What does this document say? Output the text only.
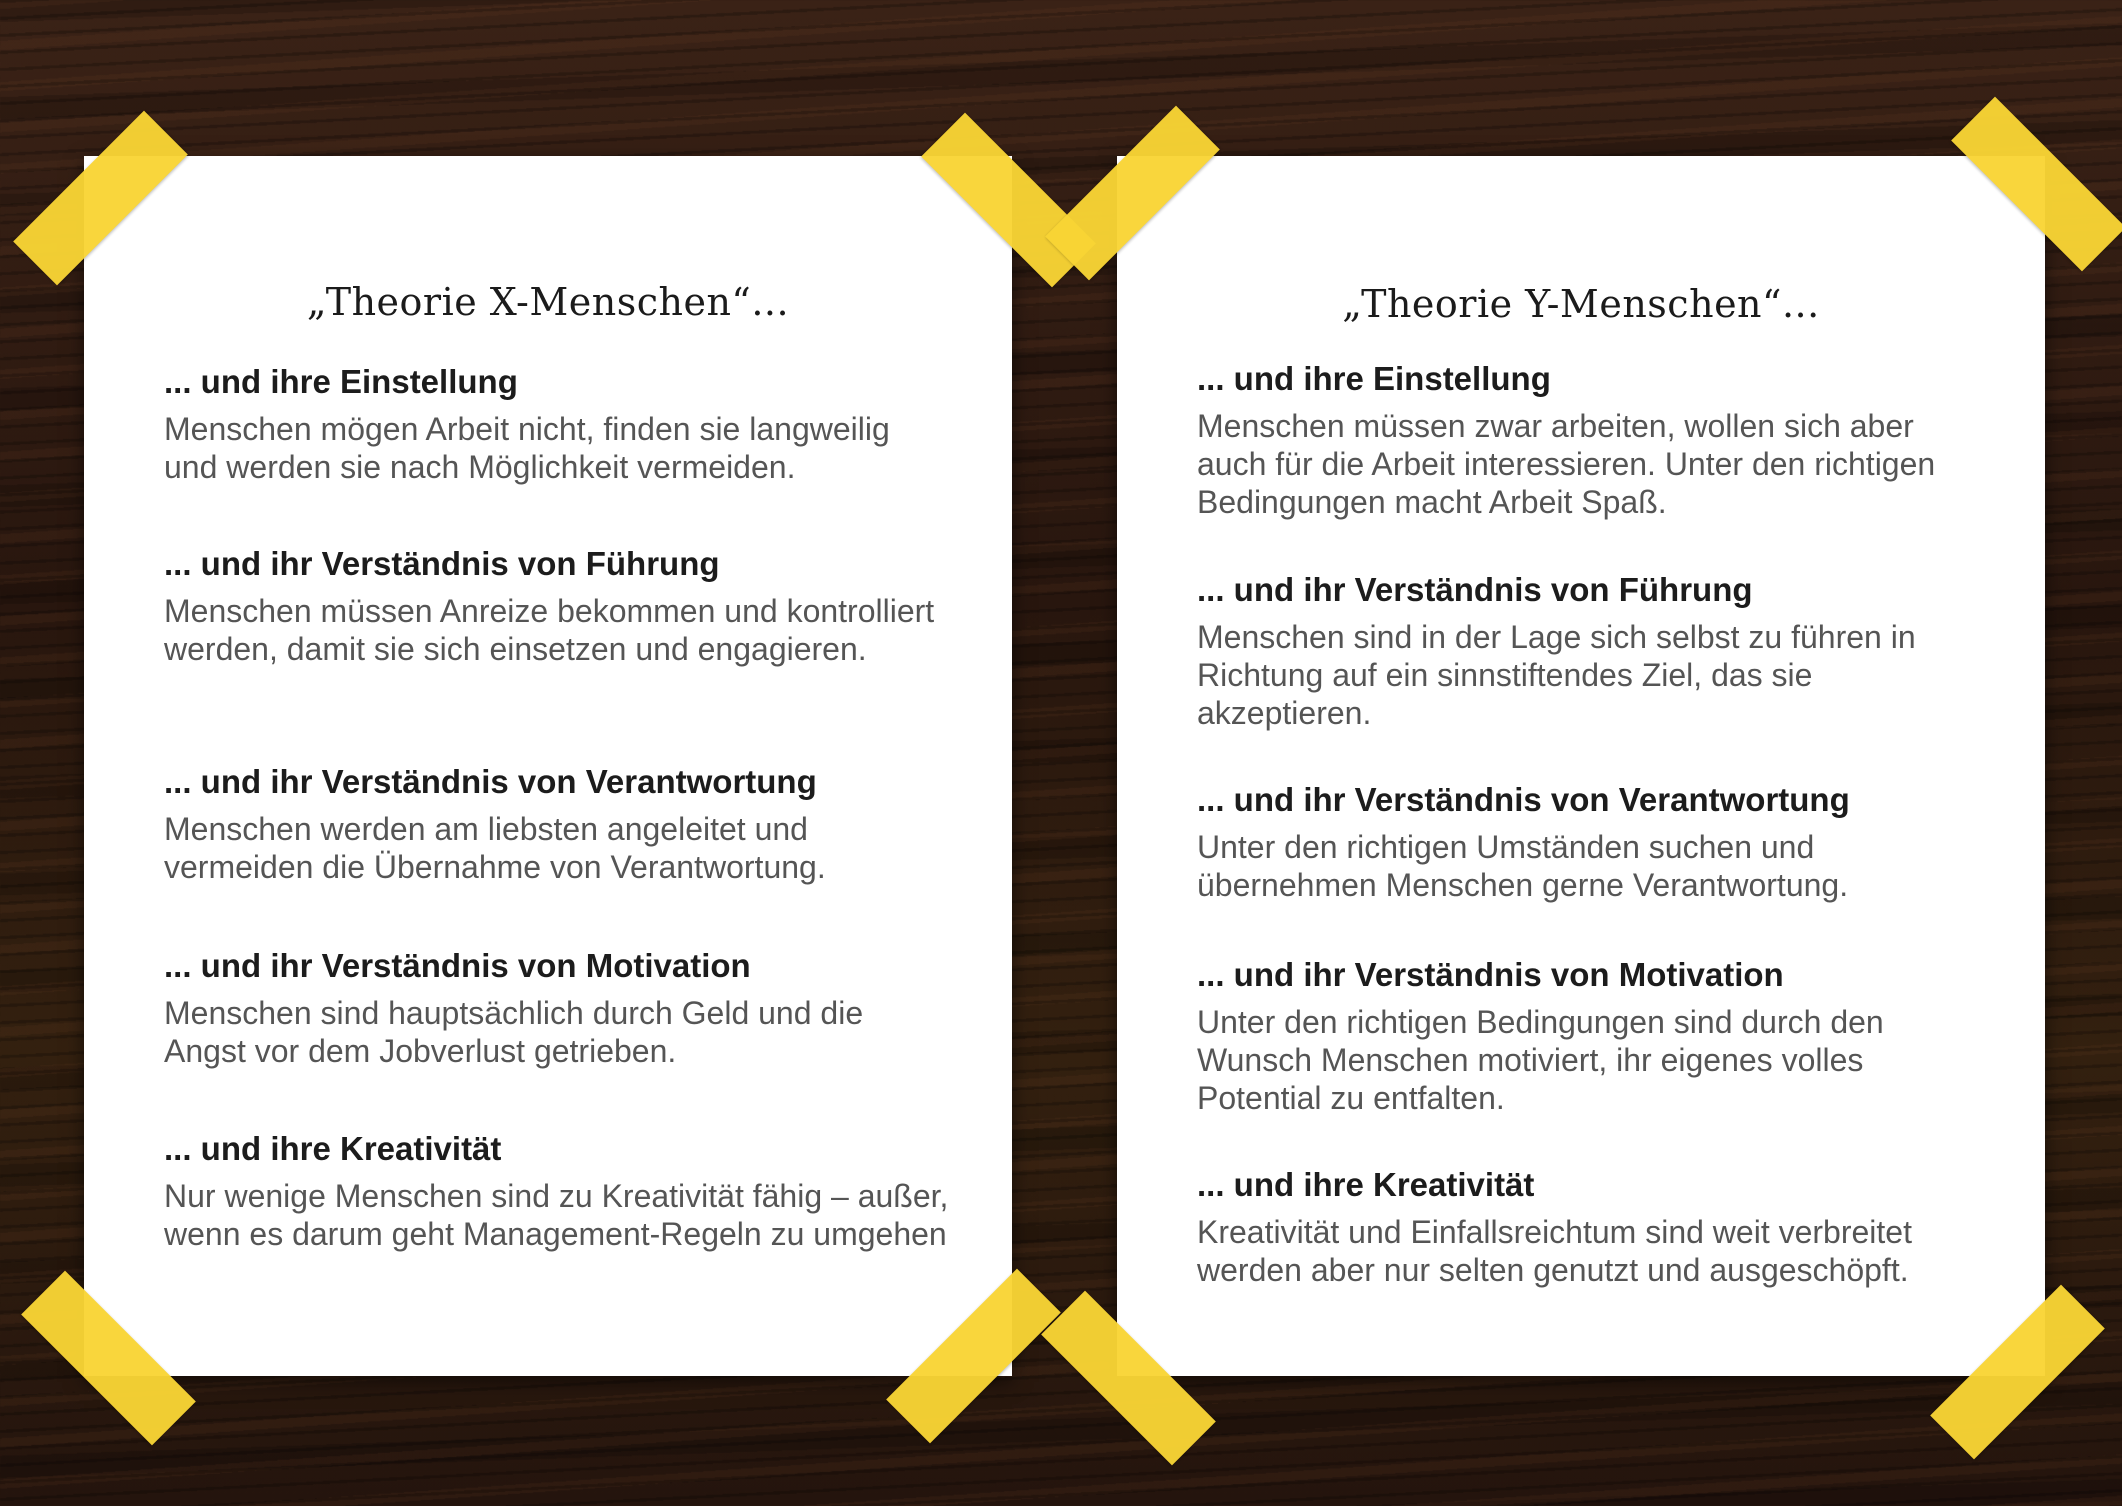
„Theorie X-Menschen“...

... und ihre Einstellung

Menschen mögen Arbeit nicht, finden sie langweilig und werden sie nach Möglichkeit vermeiden.

... und ihr Verständnis von Führung

Menschen müssen Anreize bekommen und kontrolliert werden, damit sie sich einsetzen und engagieren.

... und ihr Verständnis von Verantwortung

Menschen werden am liebsten angeleitet und vermeiden die Übernahme von Verantwortung.

... und ihr Verständnis von Motivation

Menschen sind hauptsächlich durch Geld und die Angst vor dem Jobverlust getrieben.

... und ihre Kreativität

Nur wenige Menschen sind zu Kreativität fähig – außer, wenn es darum geht Management-Regeln zu umgehen

„Theorie Y-Menschen“...

... und ihre Einstellung

Menschen müssen zwar arbeiten, wollen sich aber auch für die Arbeit interessieren. Unter den richtigen Bedingungen macht Arbeit Spaß.

... und ihr Verständnis von Führung

Menschen sind in der Lage sich selbst zu führen in Richtung auf ein sinnstiftendes Ziel, das sie akzeptieren.

... und ihr Verständnis von Verantwortung

Unter den richtigen Umständen suchen und übernehmen Menschen gerne Verantwortung.

... und ihr Verständnis von Motivation

Unter den richtigen Bedingungen sind durch den Wunsch Menschen motiviert, ihr eigenes volles Potential zu entfalten.

... und ihre Kreativität

Kreativität und Einfallsreichtum sind weit verbreitet werden aber nur selten genutzt und ausgeschöpft.
